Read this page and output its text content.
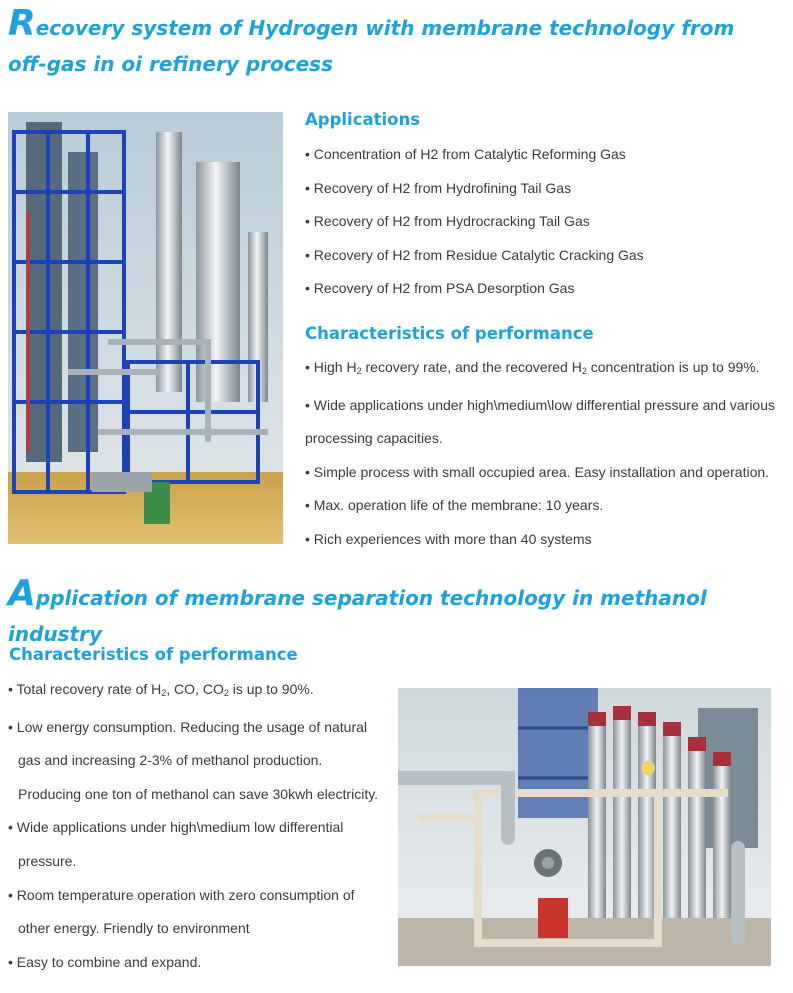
Recovery system of Hydrogen with membrane technology from off-gas in oi refinery process
Applications
• Concentration of H2 from Catalytic Reforming Gas
• Recovery of H2 from Hydrofining Tail Gas
• Recovery of H2 from Hydrocracking Tail Gas
• Recovery of H2 from Residue Catalytic Cracking Gas
• Recovery of H2 from PSA Desorption Gas
Characteristics of performance
• High $H_2$ recovery rate, and the recovered $H_2$ concentration is up to 99%.
• Wide applications under high\medium\low differential pressure and various
processing capacities.
• Simple process with small occupied area. Easy installation and operation.
• Max. operation life of the membrane: 10 years.
• Rich experiences with more than 40 systems
Application of membrane separation technology in methanol industry
Characteristics of performance
• Total recovery rate of $H_2$, CO, $CO_2$ is up to 90%.
• Low energy consumption. Reducing the usage of natural
gas and increasing 2-3% of methanol production.
Producing one ton of methanol can save 30kwh electricity.
• Wide applications under high\medium low differential
pressure.
• Room temperature operation with zero consumption of
other energy. Friendly to environment
• Easy to combine and expand.
